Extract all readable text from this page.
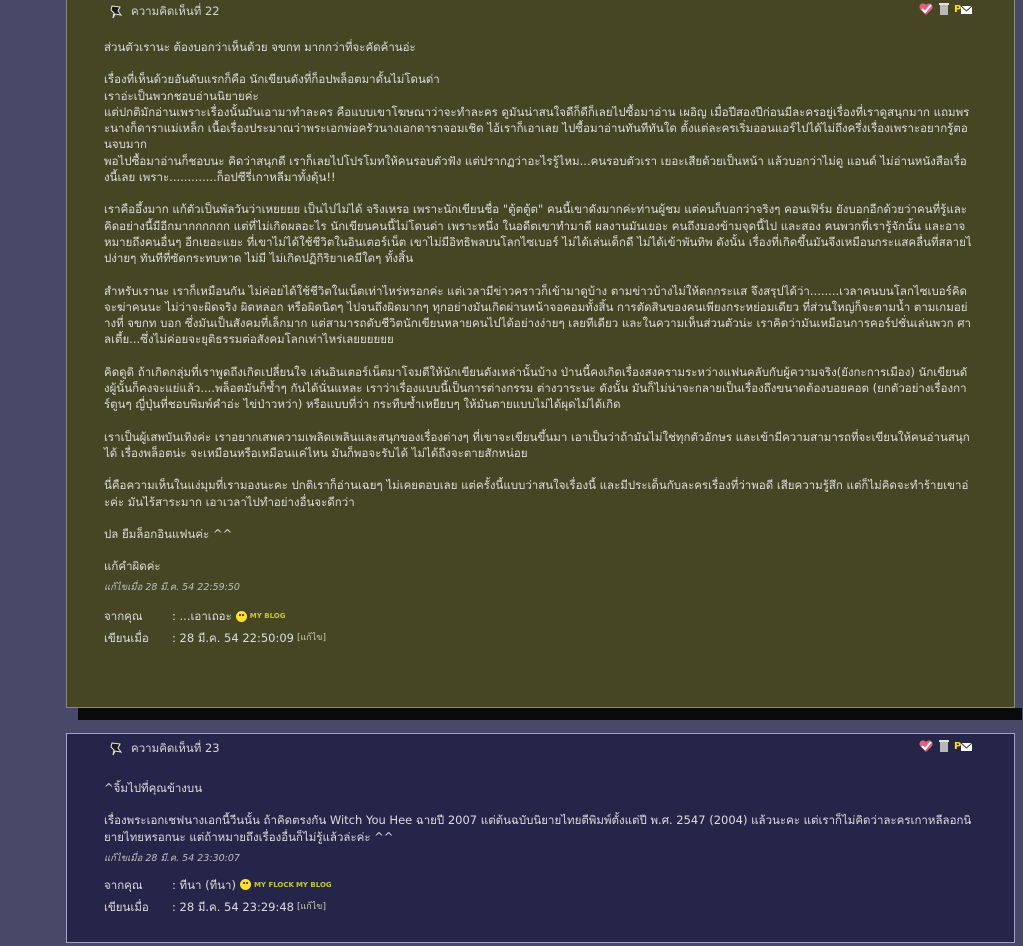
ความคิดเห็นที่ 22	P

ส่วนตัวเรานะ ต้องบอกว่าเห็นด้วย จขกท มากกว่าที่จะคัดค้านอ่ะ

เรื่องที่เห็นด้วยอันดับแรกก็คือ นักเขียนดังที่ก็อปพล็อตมาดั้นไม่โดนด่า
เราอ่ะเป็นพวกชอบอ่านนิยายค่ะ
แต่ปกติมักอ่านเพราะเรื่องนั้นมันเอามาทำละคร คือแบบเขาโฆษณาว่าจะทำละคร ดูมันน่าสนใจดีก็ดีก็เลยไปซื้อมาอ่าน เผอิญ เมื่อปีสองปีก่อนมีละครอยู่เรื่องที่เราดูสนุกมาก แถมพระนางก็ดาราแม่เหล็ก เนื้อเรื่องประมาณว่าพระเอกพ่อครัวนางเอกดาราจอมเชิด ไอ้เราก็เอาเลย ไปซื้อมาอ่านทันทีทันใด ตั้งแต่ละครเริ่มออนแอร์ไปได้ไม่ถึงครึ่งเรื่องเพราะอยากรู้ตอนจบมาก
พอไปซื้อมาอ่านก็ชอบนะ คิดว่าสนุกดี เราก็เลยไปโปรโมทให้คนรอบตัวฟัง แต่ปรากฏว่าอะไรรู้ไหม...คนรอบตัวเรา เยอะเสียด้วยเป็นหน้า แล้วบอกว่าไม่ดู แอนด์ ไม่อ่านหนังสือเรื่องนี้เลย เพราะ.............ก็อปซีรี่เกาหลีมาทั้งดุ้น!!

เราคืออึ้งมาก แก้ตัวเป็นพัลวันว่าเหยยยย เป็นไปไม่ได้ จริงเหรอ เพราะนักเขียนชื่อ "ตู้ตตู้ต" คนนี้เขาดังมากค่ะท่านผู้ชม แต่คนก็บอกว่าจริงๆ คอนเฟิร์ม ยังบอกอีกด้วยว่าคนที่รู้และคิดอย่างนี้มีอีกมากกกกกก แต่ที่ไม่เกิดผลอะไร นักเขียนคนนี้ไม่โดนด่า เพราะหนึ่ง ในอดีตเขาทำมาดี ผลงานมันเยอะ คนถึงมองข้ามจุดนี้ไป และสอง คนพวกที่เรารู้จักนั้น และอาจหมายถึงคนอื่นๆ อีกเยอะแยะ ที่เขาไม่ได้ใช้ชีวิตในอินเตอร์เน็ต เขาไม่มีอิทธิพลบนโลกไซเบอร์ ไม่ได้เล่นเด็กดี ไม่ได้เข้าพันทิพ ดังนั้น เรื่องที่เกิดขึ้นมันจึงเหมือนกระแสคลื่นที่สลายไปง่ายๆ ทันทีที่ซัดกระทบหาด ไม่มี ไม่เกิดปฏิกิริยาเคมีใดๆ ทั้งสิ้น

สำหรับเรานะ เราก็เหมือนกัน ไม่ค่อยได้ใช้ชีวิตในเน็ตเท่าไหร่หรอกค่ะ แต่เวลามีข่าวคราวก็เข้ามาดูบ้าง ตามข่าวบ้างไม่ให้ตกกระแส จึงสรุปได้ว่า........เวลาคนบนโลกไซเบอร์คิดจะฆ่าคนนะ ไม่ว่าจะผิดจริง ผิดหลอก หรือผิดนิดๆ ไปจนถึงผิดมากๆ ทุกอย่างมันเกิดผ่านหน้าจอคอมทั้งสิ้น การตัดสินของคนเพียงกระหย่อมเดียว ที่ส่วนใหญ่ก็จะตามน้ำ ตามเกมอย่างที่ จขกท บอก ซึ่งมันเป็นสังคมที่เล็กมาก แต่สามารถดับชีวิตนักเขียนหลายคนไปได้อย่างง่ายๆ เลยทีเดียว และในความเห็นส่วนตัวน่ะ เราคิดว่ามันเหมือนการคอร์ปชั่นเล่นพวก ศาลเตี้ย...ซึ่งไม่ค่อยจะยุติธรรมต่อสังคมโลกเท่าไหร่เลยยยยยย

คิดดูดิ ถ้าเกิดกลุ่มที่เราพูดถึงเกิดเปลี่ยนใจ เล่นอินเตอร์เน็ตมาโจมตีให้นักเขียนดังเหล่านั้นบ้าง ป่านนี้คงเกิดเรื่องสงครามระหว่างแฟนคลับกับผู้ความจริง(ยังกะการเมือง) นักเขียนดังผู้นั้นก็คงจะแย่แล้ว....พล็อตมันก็ซ้ำๆ กันได้นั่นแหละ เราว่าเรื่องแบบนี้เป็นการต่างกรรม ต่างวาระนะ ดังนั้น มันก็ไม่น่าจะกลายเป็นเรื่องถึงขนาดต้องบอยคอต (ยกตัวอย่างเรื่องการ์ตูนๆ ญี่ปุ่นที่ชอบพิมพ์คำอ่ะ ไข่ป่าวหว่า) หรือแบบที่ว่า กระทืบซ้ำเหยียบๆ ให้มันตายแบบไม่ได้ผุดไม่ได้เกิด

เราเป็นผู้เสพบันเทิงค่ะ เราอยากเสพความเพลิดเพลินและสนุกของเรื่องต่างๆ ที่เขาจะเขียนขึ้นมา เอาเป็นว่าถ้ามันไม่ใช่ทุกตัวอักษร และเข้ามีความสามารถที่จะเขียนให้คนอ่านสนุกได้ เรื่องพล็อตน่ะ จะเหมือนหรือเหมือนแค่ไหน มันก็พอจะรับได้ ไม่ได้ถึงจะตายสักหน่อย

นี่คือความเห็นในแง่มุมที่เรามองนะคะ ปกติเราก็อ่านเฉยๆ ไม่เคยตอบเลย แต่ครั้งนี้แบบว่าสนใจเรื่องนี้ และมีประเด็นกับละครเรื่องที่ว่าพอดี เสียความรู้สึก แต่ก็ไม่คิดจะทำร้ายเขาอ่ะค่ะ มันไร้สาระมาก เอาเวลาไปทำอย่างอื่นจะดีกว่า

ปล ยืมล็อกอินแฟนค่ะ ^^

แก้คำผิดค่ะ

แก้ไขเมื่อ 28 มี.ค. 54 22:59:50
จากคุณ	: ...เอาเถอะ	MY BLOG
เขียนเมื่อ	: 28 มี.ค. 54 22:50:09 [แก้ไข]
ความคิดเห็นที่ 23	P

^จิ้มไปที่คุณข้างบน

เรื่องพระเอกเชฟนางเอกนี้วีนนั้น ถ้าคิดตรงกัน Witch You Hee ฉายปี 2007 แต่ต้นฉบับนิยายไทยตีพิมพ์ตั้งแต่ปี พ.ศ. 2547 (2004) แล้วนะคะ แต่เราก็ไม่คิดว่าละครเกาหลีลอกนิยายไทยหรอกนะ แต่ถ้าหมายถึงเรื่องอื่นก็ไม่รู้แล้วล่ะค่ะ ^^

แก้ไขเมื่อ 28 มี.ค. 54 23:30:07
จากคุณ	: ทีนา (ทีนา)	MY FLOCK MY BLOG
เขียนเมื่อ	: 28 มี.ค. 54 23:29:48 [แก้ไข]
